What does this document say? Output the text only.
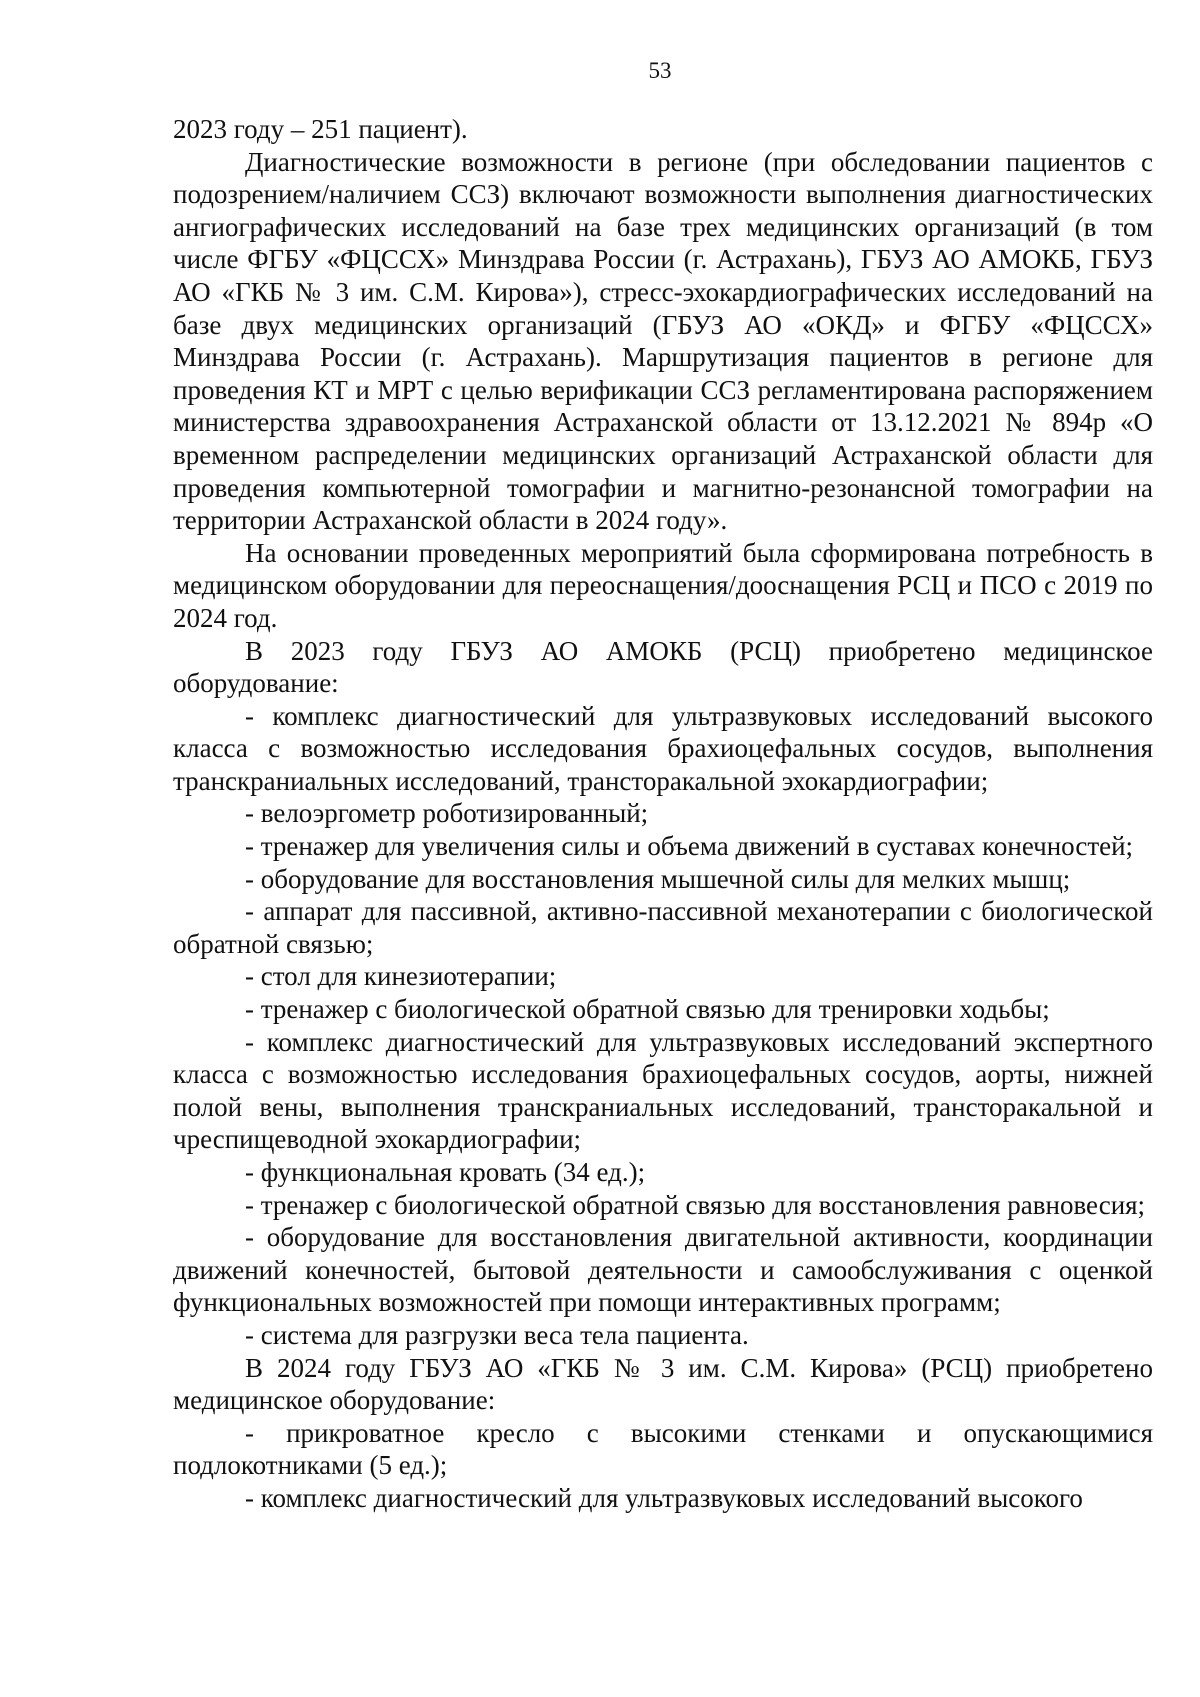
53

2023 году – 251 пациент).

Диагностические возможности в регионе (при обследовании пациентов с подозрением/наличием ССЗ) включают возможности выполнения диагностических ангиографических исследований на базе трех медицинских организаций (в том числе ФГБУ «ФЦССХ» Минздрава России (г. Астрахань), ГБУЗ АО АМОКБ, ГБУЗ АО «ГКБ № 3 им. С.М. Кирова»), стресс-эхокардиографических исследований на базе двух медицинских организаций (ГБУЗ АО «ОКД» и ФГБУ «ФЦССХ» Минздрава России (г. Астрахань). Маршрутизация пациентов в регионе для проведения КТ и МРТ с целью верификации ССЗ регламентирована распоряжением министерства здравоохранения Астраханской области от 13.12.2021 № 894р «О временном распределении медицинских организаций Астраханской области для проведения компьютерной томографии и магнитно-резонансной томографии на территории Астраханской области в 2024 году».

На основании проведенных мероприятий была сформирована потребность в медицинском оборудовании для переоснащения/дооснащения РСЦ и ПСО с 2019 по 2024 год.

В 2023 году ГБУЗ АО АМОКБ (РСЦ) приобретено медицинское оборудование:

- комплекс диагностический для ультразвуковых исследований высокого класса с возможностью исследования брахиоцефальных сосудов, выполнения транскраниальных исследований, трансторакальной эхокардиографии;

- велоэргометр роботизированный;

- тренажер для увеличения силы и объема движений в суставах конечностей;

- оборудование для восстановления мышечной силы для мелких мышц;

- аппарат для пассивной, активно-пассивной механотерапии с биологической обратной связью;

- стол для кинезиотерапии;

- тренажер с биологической обратной связью для тренировки ходьбы;

- комплекс диагностический для ультразвуковых исследований экспертного класса с возможностью исследования брахиоцефальных сосудов, аорты, нижней полой вены, выполнения транскраниальных исследований, трансторакальной и чреспищеводной эхокардиографии;

- функциональная кровать (34 ед.);

- тренажер с биологической обратной связью для восстановления равновесия;

- оборудование для восстановления двигательной активности, координации движений конечностей, бытовой деятельности и самообслуживания с оценкой функциональных возможностей при помощи интерактивных программ;

- система для разгрузки веса тела пациента.

В 2024 году ГБУЗ АО «ГКБ № 3 им. С.М. Кирова» (РСЦ) приобретено медицинское оборудование:

- прикроватное кресло с высокими стенками и опускающимися подлокотниками (5 ед.);

- комплекс диагностический для ультразвуковых исследований высокого
